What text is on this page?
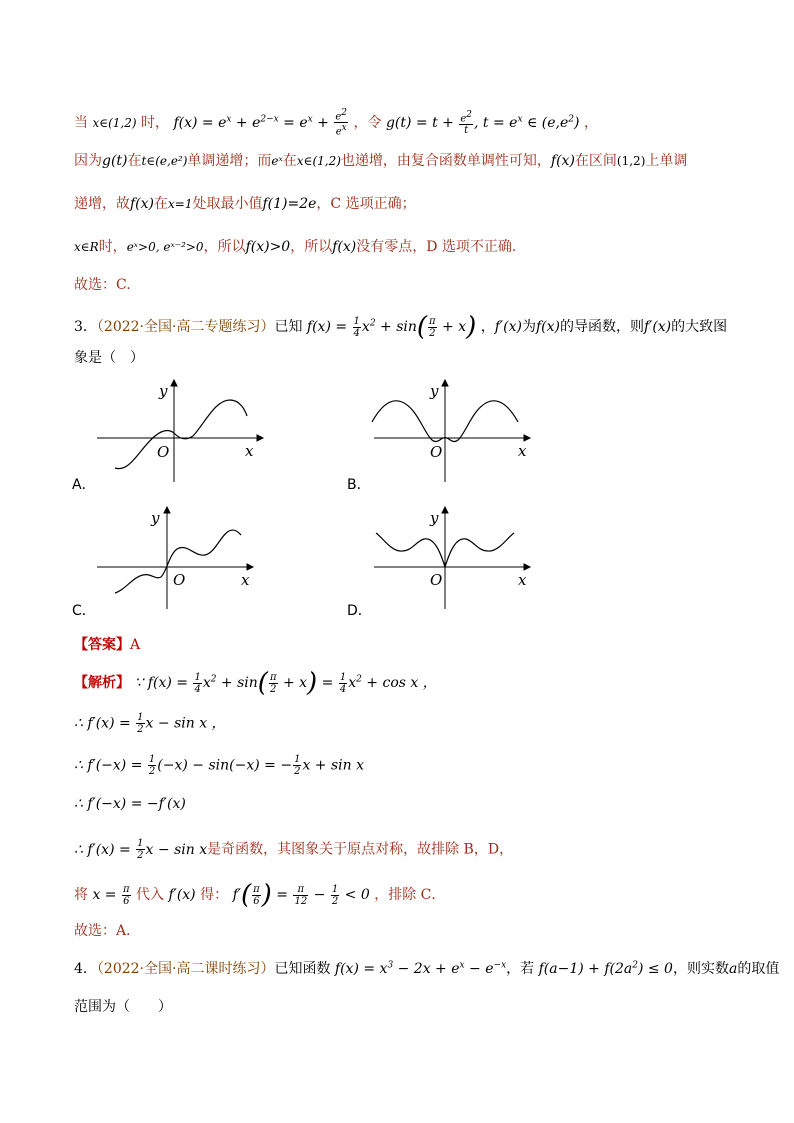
当 x∈(1,2) 时， $f(x) = e^x + e^{2-x} = e^x + \frac{e2}{ex}$ ，令 $g(t) = t + \frac{e2}{t}$ , $t = e^x$ ∈ $(e,e^2)$ ，
因为g(t)在t∈(e,e²)单调递增；而eˣ在x∈(1,2)也递增，由复合函数单调性可知，f(x)在区间(1,2)上单调
递增，故f(x)在x=1处取最小值f(1)=2e，C 选项正确；
x∈R时，eˣ>0, eˣ⁻²>0，所以f(x)>0，所以f(x)没有零点，D 选项不正确.
故选：C.
3．（2022·全国·高二专题练习）已知 $f(x) = \frac{1}{4} x^2 + \sin( \frac{\pi}{2} + x)$ ，f′(x)为f(x)的导函数，则f′(x)的大致图
象是（　）
y
x
O
A．
y
x
O
B．
y
x
O
C．
y
x
O
D．
【答案】A
【解析】 ∵ $f(x) = \frac{1}{4} x^2 + \sin( \frac{\pi}{2} + x) = \frac{1}{4} x^2 + \cos x$ ，
∴ $f'(x) = \frac{1}{2}$ x − sin x ，
∴ $f'(-x) = \frac{1}{2} (-x) - \sin(-x)$ = − $\frac{1}{2}$ x + sin x
∴ f′(−x) = −f′(x)
∴ $f'(x) = \frac{1}{2}$ x − sin x是奇函数，其图象关于原点对称，故排除 B，D，
将 $x = \frac{\pi}{6}$ 代入 f′(x) 得： $f'( \frac{\pi}{6}$ ) = $\frac{\pi}{12} - \frac{1}{2} < 0$ ，排除 C．
故选：A．
4．（2022·全国·高二课时练习）已知函数 $f(x) = x^3 - 2x + e^x - e^{-x}$，若 $f(a-1) + f(2a^2) \le 0$，则实数a的取值
范围为（　　）
